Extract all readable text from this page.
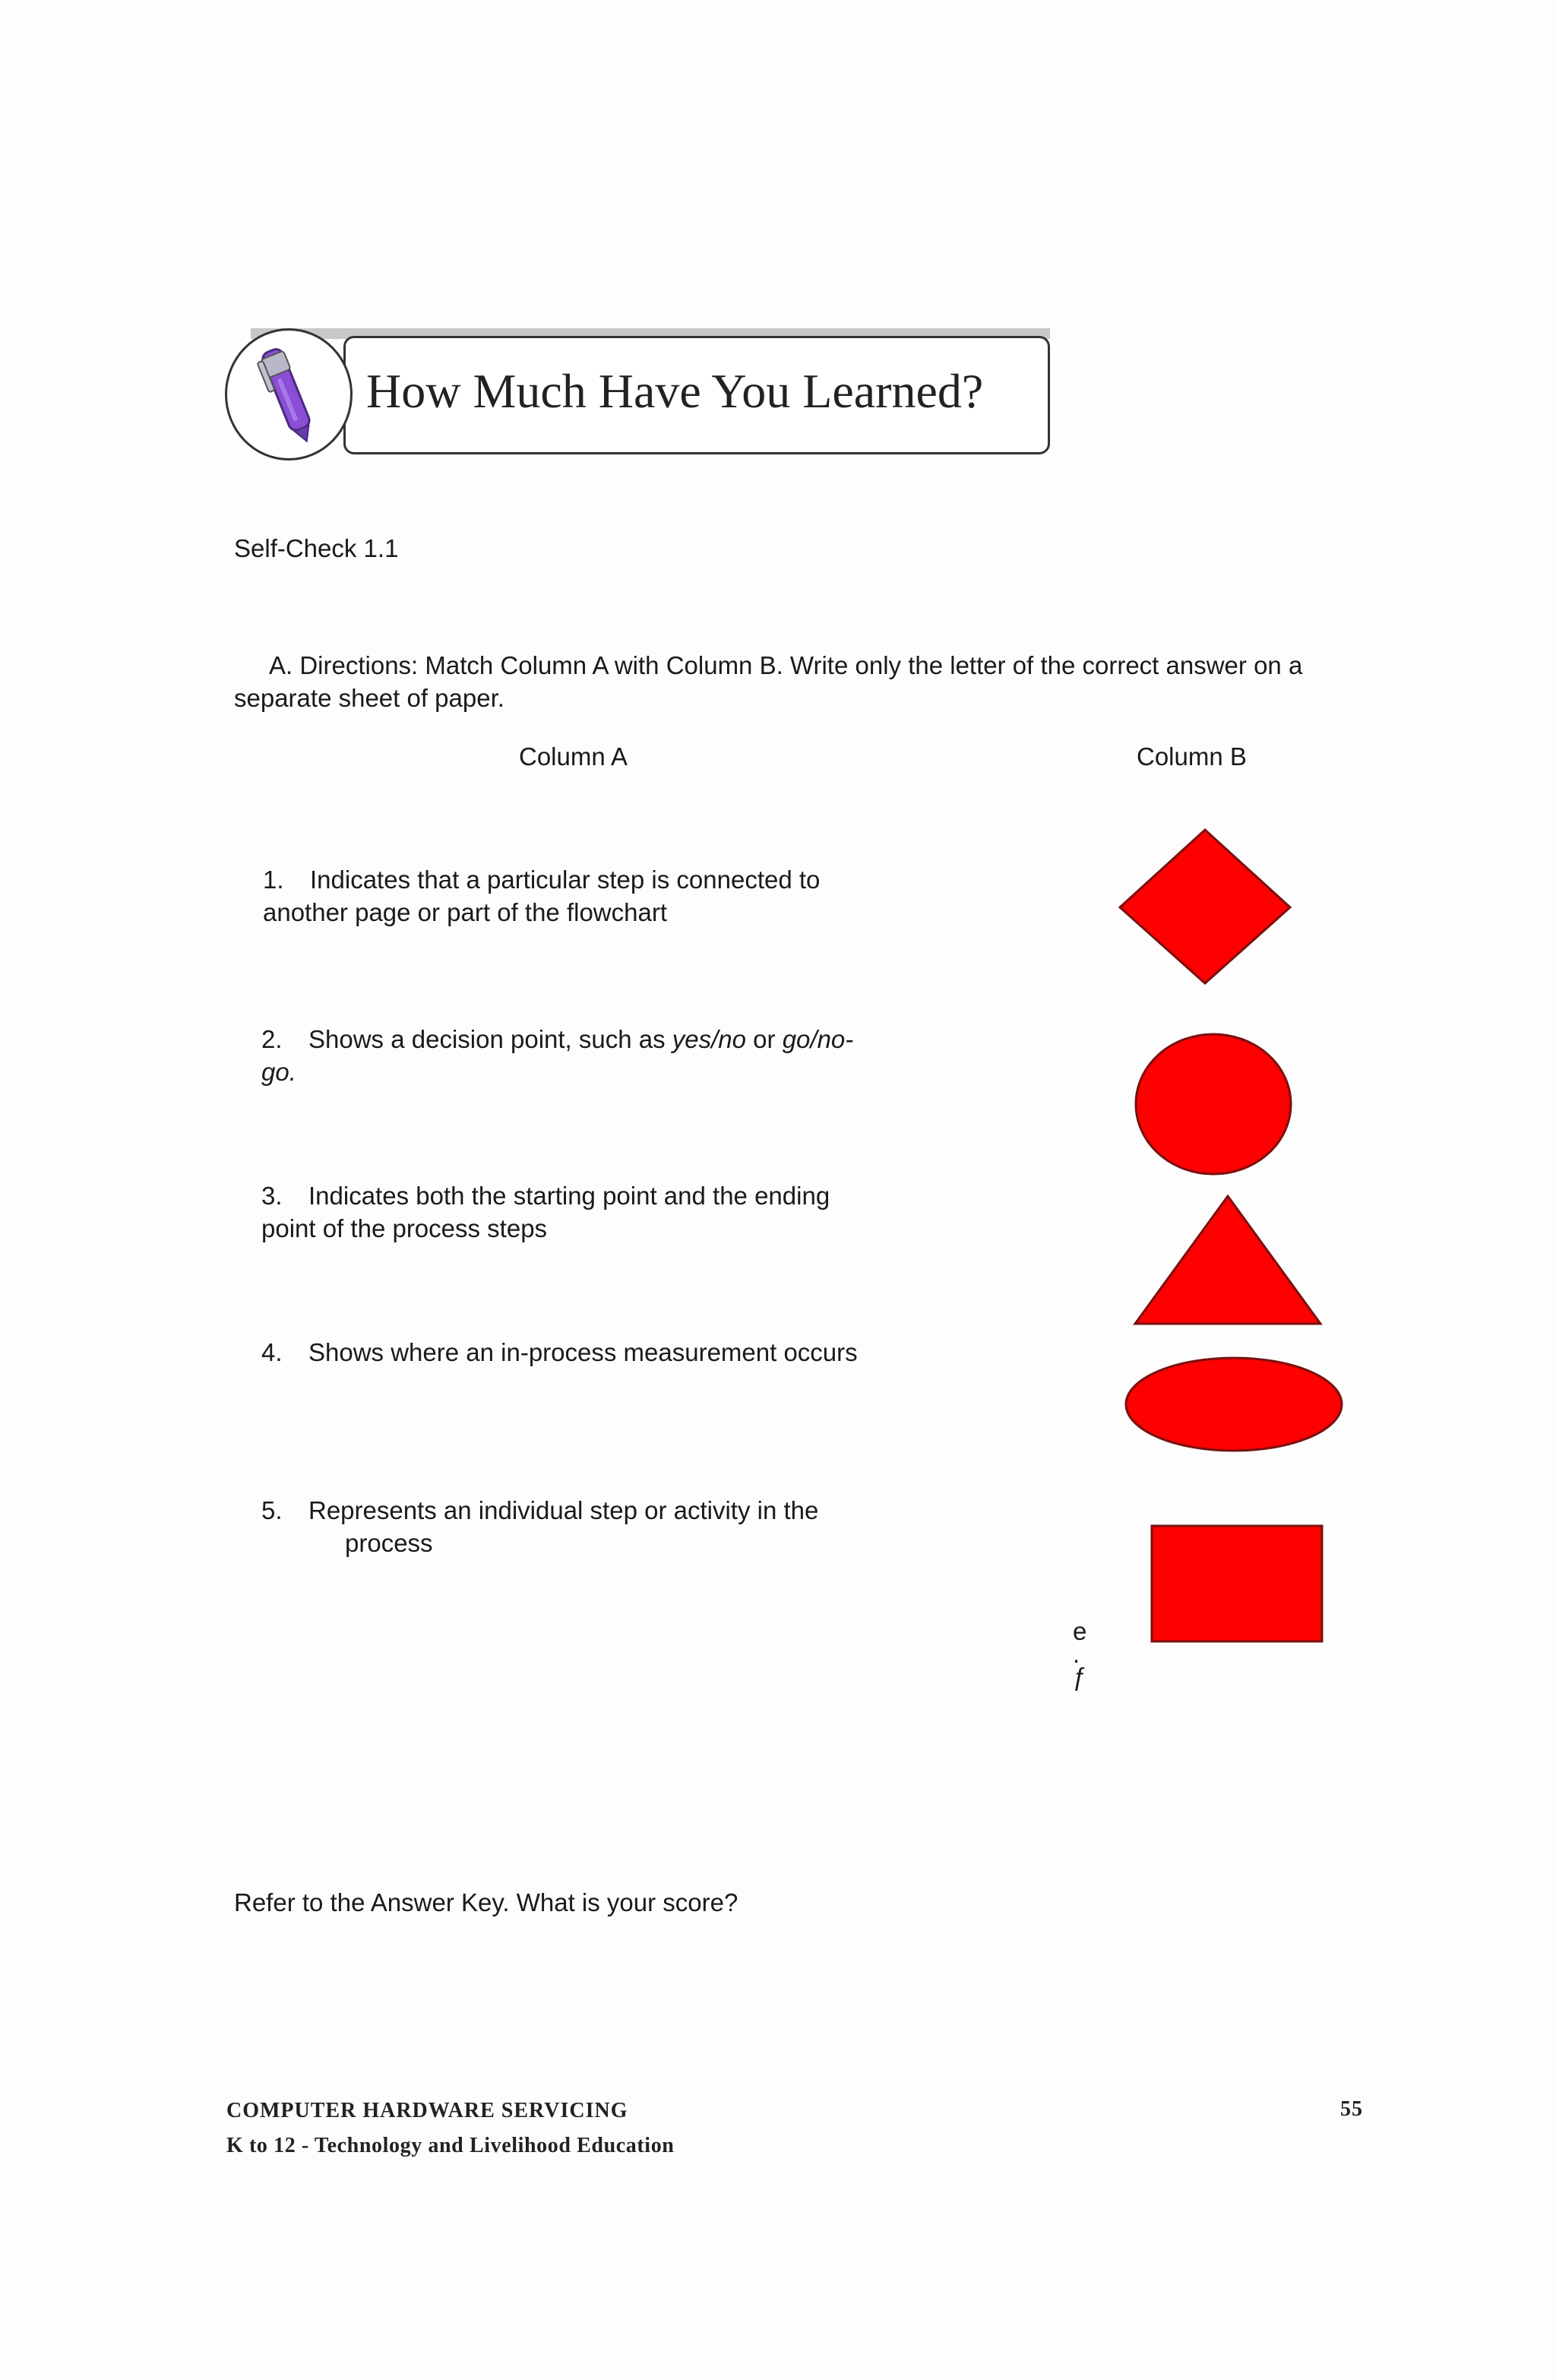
How Much Have You Learned?
Self-Check 1.1
A. Directions: Match Column A with Column B. Write only the letter of the correct answer on a separate sheet of paper.
Column A	Column B
1. Indicates that a particular step is connected to another page or part of the flowchart
2. Shows a decision point, such as yes/no or go/no-go.
3. Indicates both the starting point and the ending point of the process steps
4. Shows where an in-process measurement occurs
5. Represents an individual step or activity in the
process
e
.
ƒ
Refer to the Answer Key. What is your score?
COMPUTER HARDWARE SERVICING
K to 12 - Technology and Livelihood Education
55
